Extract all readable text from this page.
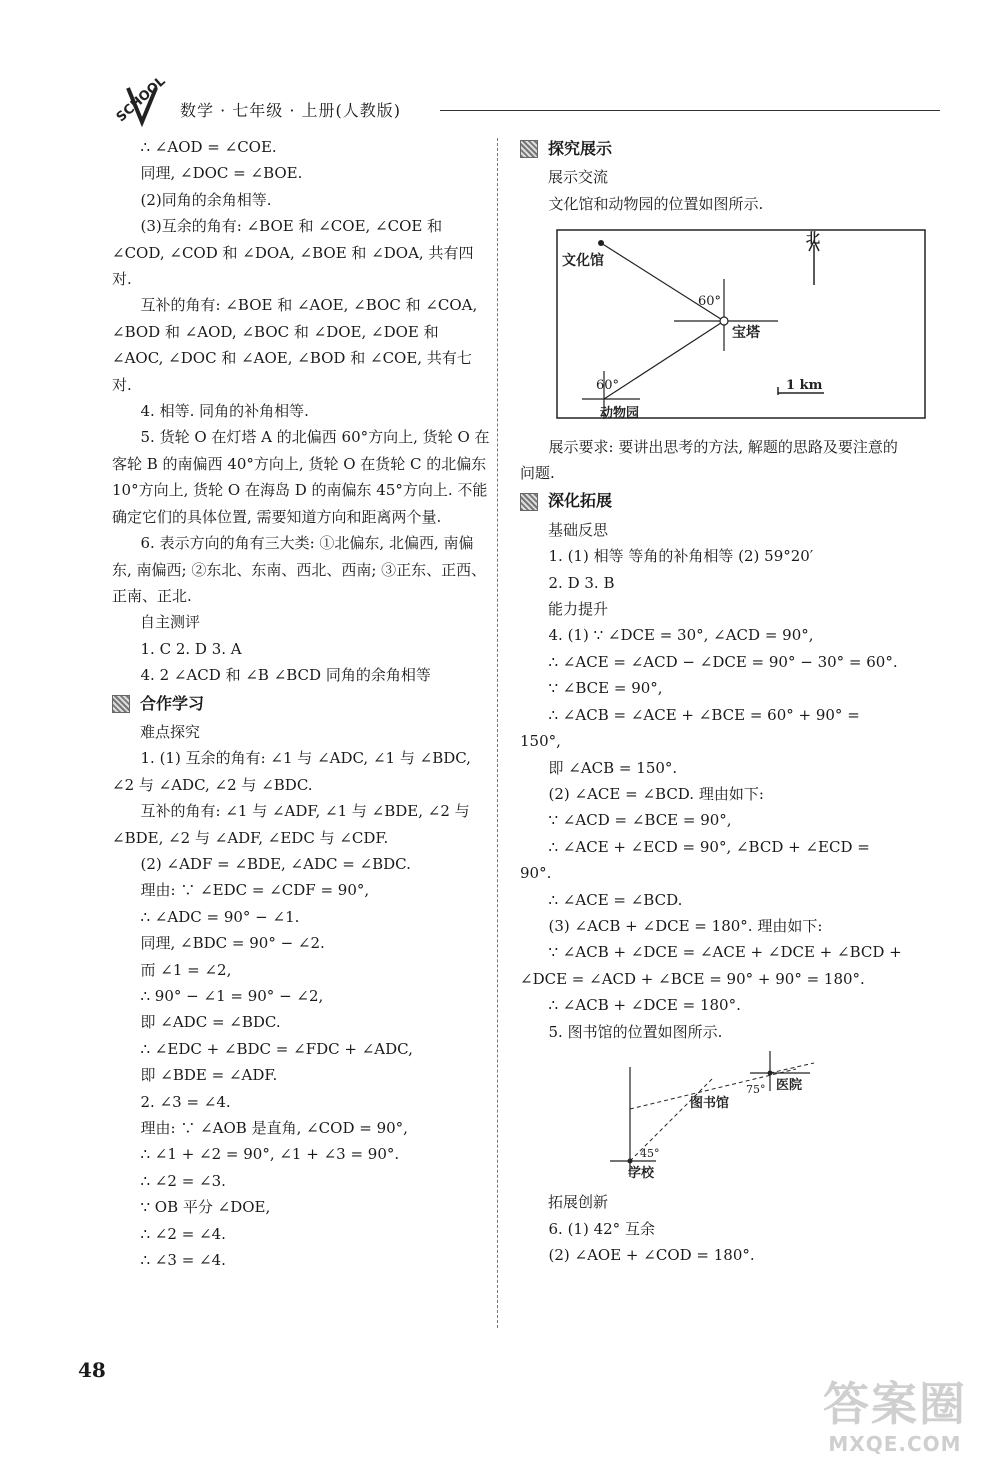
SCHOOL 数学 · 七年级 · 上册(人教版)

∴ ∠AOD = ∠COE.

同理, ∠DOC = ∠BOE.

(2)同角的余角相等.

(3)互余的角有: ∠BOE 和 ∠COE, ∠COE 和 ∠COD, ∠COD 和 ∠DOA, ∠BOE 和 ∠DOA, 共有四对.

互补的角有: ∠BOE 和 ∠AOE, ∠BOC 和 ∠COA, ∠BOD 和 ∠AOD, ∠BOC 和 ∠DOE, ∠DOE 和 ∠AOC, ∠DOC 和 ∠AOE, ∠BOD 和 ∠COE, 共有七对.

4. 相等. 同角的补角相等.

5. 货轮 O 在灯塔 A 的北偏西 60°方向上, 货轮 O 在客轮 B 的南偏西 40°方向上, 货轮 O 在货轮 C 的北偏东 10°方向上, 货轮 O 在海岛 D 的南偏东 45°方向上. 不能确定它们的具体位置, 需要知道方向和距离两个量.

6. 表示方向的角有三大类: ①北偏东, 北偏西, 南偏东, 南偏西; ②东北、东南、西北、西南; ③正东、正西、正南、正北.

自主测评

1. C 2. D 3. A

4. 2 ∠ACD 和 ∠B ∠BCD 同角的余角相等

合作学习

难点探究

1. (1) 互余的角有: ∠1 与 ∠ADC, ∠1 与 ∠BDC, ∠2 与 ∠ADC, ∠2 与 ∠BDC.

互补的角有: ∠1 与 ∠ADF, ∠1 与 ∠BDE, ∠2 与 ∠BDE, ∠2 与 ∠ADF, ∠EDC 与 ∠CDF.

(2) ∠ADF = ∠BDE, ∠ADC = ∠BDC.

理由: ∵ ∠EDC = ∠CDF = 90°,

∴ ∠ADC = 90° − ∠1.

同理, ∠BDC = 90° − ∠2.

而 ∠1 = ∠2,

∴ 90° − ∠1 = 90° − ∠2,

即 ∠ADC = ∠BDC.

∴ ∠EDC + ∠BDC = ∠FDC + ∠ADC,

即 ∠BDE = ∠ADF.

2. ∠3 = ∠4.

理由: ∵ ∠AOB 是直角, ∠COD = 90°,

∴ ∠1 + ∠2 = 90°, ∠1 + ∠3 = 90°.

∴ ∠2 = ∠3.

∵ OB 平分 ∠DOE,

∴ ∠2 = ∠4.

∴ ∠3 = ∠4.

探究展示

展示交流

文化馆和动物园的位置如图所示.

文化馆
宝塔
动物园
北
60°
60°	1 km

展示要求: 要讲出思考的方法, 解题的思路及要注意的问题.

深化拓展

基础反思

1. (1) 相等 等角的补角相等 (2) 59°20′

2. D 3. B

能力提升

4. (1) ∵ ∠DCE = 30°, ∠ACD = 90°,

∴ ∠ACE = ∠ACD − ∠DCE = 90° − 30° = 60°.

∵ ∠BCE = 90°,

∴ ∠ACB = ∠ACE + ∠BCE = 60° + 90° = 150°,

即 ∠ACB = 150°.

(2) ∠ACE = ∠BCD. 理由如下:

∵ ∠ACD = ∠BCE = 90°,

∴ ∠ACE + ∠ECD = 90°, ∠BCD + ∠ECD = 90°.

∴ ∠ACE = ∠BCD.

(3) ∠ACB + ∠DCE = 180°. 理由如下:

∵ ∠ACB + ∠DCE = ∠ACE + ∠DCE + ∠BCD + ∠DCE = ∠ACD + ∠BCE = 90° + 90° = 180°.

∴ ∠ACB + ∠DCE = 180°.

5. 图书馆的位置如图所示.

医院
图书馆
学校
75°
45°

拓展创新

6. (1) 42° 互余

(2) ∠AOE + ∠COD = 180°.

48
答案圈
MXQE.COM
